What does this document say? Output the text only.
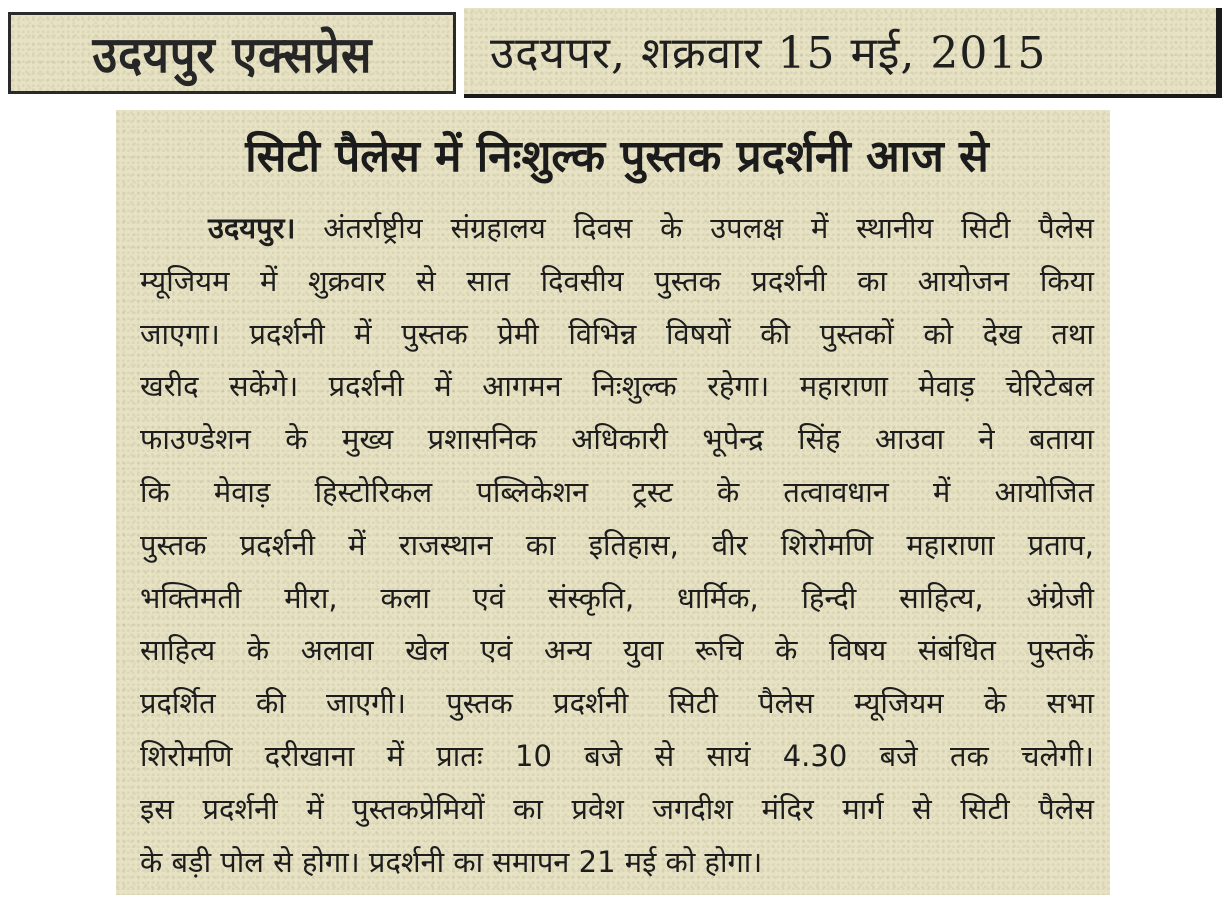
उदयपुर एक्सप्रेस	उदयपर, शक्रवार 15 मई, 2015
सिटी पैलेस में निःशुल्क पुस्तक प्रदर्शनी आज से
उदयपुर। अंतर्राष्ट्रीय संग्रहालय दिवस के उपलक्ष में स्थानीय सिटी पैलेस
म्यूजियम में शुक्रवार से सात दिवसीय पुस्तक प्रदर्शनी का आयोजन किया
जाएगा। प्रदर्शनी में पुस्तक प्रेमी विभिन्न विषयों की पुस्तकों को देख तथा
खरीद सकेंगे। प्रदर्शनी में आगमन निःशुल्क रहेगा। महाराणा मेवाड़ चेरिटेबल
फाउण्डेशन के मुख्य प्रशासनिक अधिकारी भूपेन्द्र सिंह आउवा ने बताया
कि मेवाड़ हिस्टोरिकल पब्लिकेशन ट्रस्ट के तत्वावधान में आयोजित
पुस्तक प्रदर्शनी में राजस्थान का इतिहास, वीर शिरोमणि महाराणा प्रताप,
भक्तिमती मीरा, कला एवं संस्कृति, धार्मिक, हिन्दी साहित्य, अंग्रेजी
साहित्य के अलावा खेल एवं अन्य युवा रूचि के विषय संबंधित पुस्तकें
प्रदर्शित की जाएगी। पुस्तक प्रदर्शनी सिटी पैलेस म्यूजियम के सभा
शिरोमणि दरीखाना में प्रातः 10 बजे से सायं 4.30 बजे तक चलेगी।
इस प्रदर्शनी में पुस्तकप्रेमियों का प्रवेश जगदीश मंदिर मार्ग से सिटी पैलेस
के बड़ी पोल से होगा। प्रदर्शनी का समापन 21 मई को होगा।
